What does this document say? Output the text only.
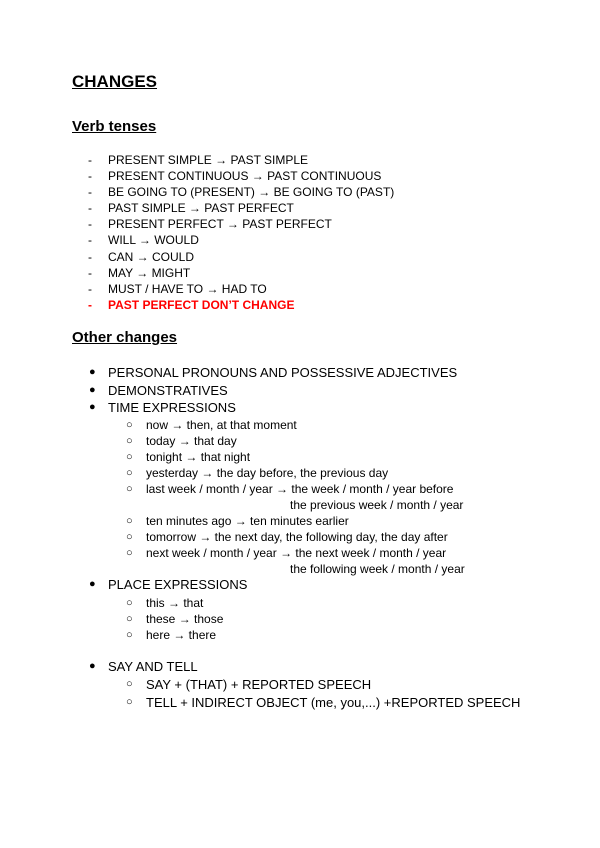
CHANGES
Verb tenses
- PRESENT SIMPLE → PAST SIMPLE
- PRESENT CONTINUOUS → PAST CONTINUOUS
- BE GOING TO (PRESENT) → BE GOING TO (PAST)
- PAST SIMPLE → PAST PERFECT
- PRESENT PERFECT → PAST PERFECT
- WILL → WOULD
- CAN → COULD
- MAY → MIGHT
- MUST / HAVE TO → HAD TO
- PAST PERFECT DON’T CHANGE
Other changes
● PERSONAL PRONOUNS AND POSSESSIVE ADJECTIVES
● DEMONSTRATIVES
● TIME EXPRESSIONS
○ now → then, at that moment
○ today → that day
○ tonight → that night
○ yesterday → the day before, the previous day
○ last week / month / year → the week / month / year before
the previous week / month / year
○ ten minutes ago → ten minutes earlier
○ tomorrow → the next day, the following day, the day after
○ next week / month / year → the next week / month / year
the following week / month / year
● PLACE EXPRESSIONS
○ this → that
○ these → those
○ here → there
● SAY AND TELL
○ SAY + (THAT) + REPORTED SPEECH
○ TELL + INDIRECT OBJECT (me, you,...) +REPORTED SPEECH
